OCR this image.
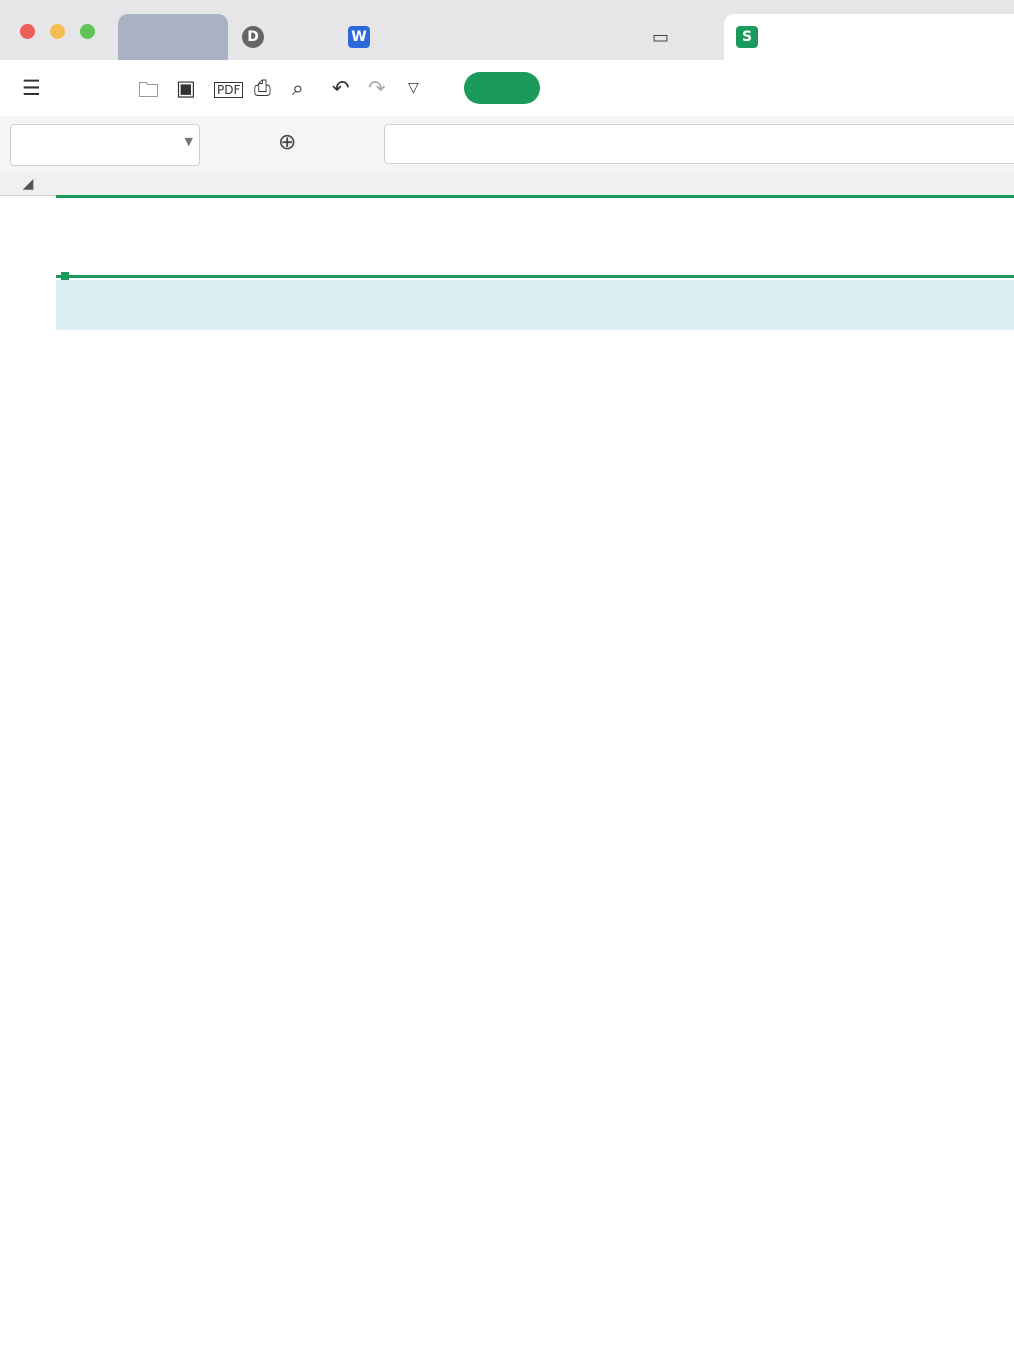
D	W	▭	S
☰	🗀 ▣ PDF ⎙ ⌕ ↶ ↷ ▽
▼	⊕
◢
